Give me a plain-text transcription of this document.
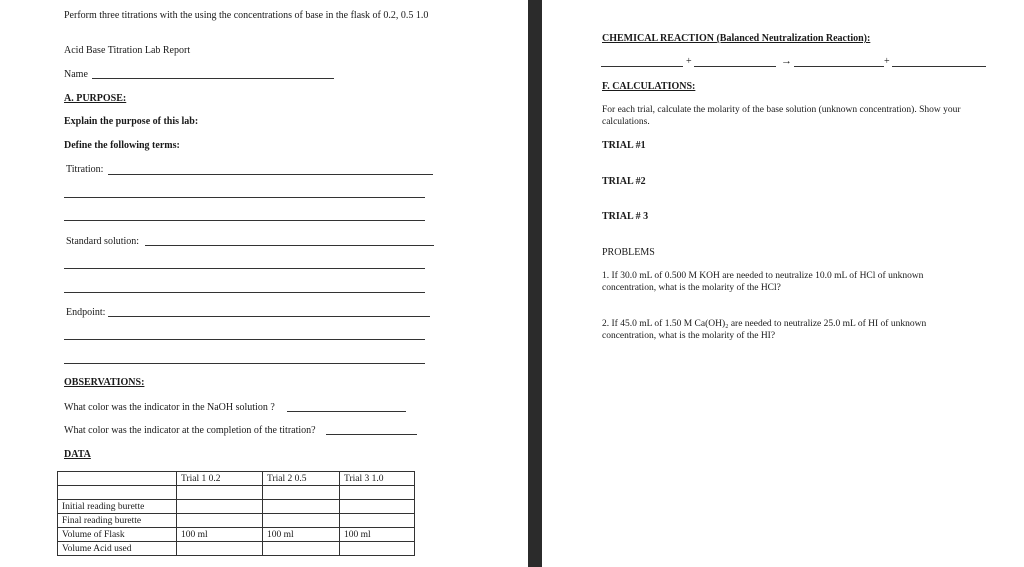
Perform three titrations with the using the concentrations of base in the flask of 0.2, 0.5 1.0
Acid Base Titration Lab Report
Name
A. PURPOSE:
Explain the purpose of this lab:
Define the following terms:
Titration:
Standard solution:
Endpoint:
OBSERVATIONS:
What color was the indicator in the NaOH solution ?
What color was the indicator at the completion of the titration?
DATA
	Trial 1 0.2	Trial 2 0.5	Trial 3 1.0

Initial reading burette			
Final reading burette			
Volume of Flask	100 ml	100 ml	100 ml
Volume Acid used			
CHEMICAL REACTION (Balanced Neutralization Reaction):
+	→	+
F. CALCULATIONS:
For each trial, calculate the molarity of the base solution (unknown concentration). Show your
calculations.
TRIAL #1
TRIAL #2
TRIAL # 3
PROBLEMS
1. If 30.0 mL of 0.500 M KOH are needed to neutralize 10.0 mL of HCl of unknown
concentration, what is the molarity of the HCl?
2. If 45.0 mL of 1.50 M Ca(OH)₂ are needed to neutralize 25.0 mL of HI of unknown
concentration, what is the molarity of the HI?
